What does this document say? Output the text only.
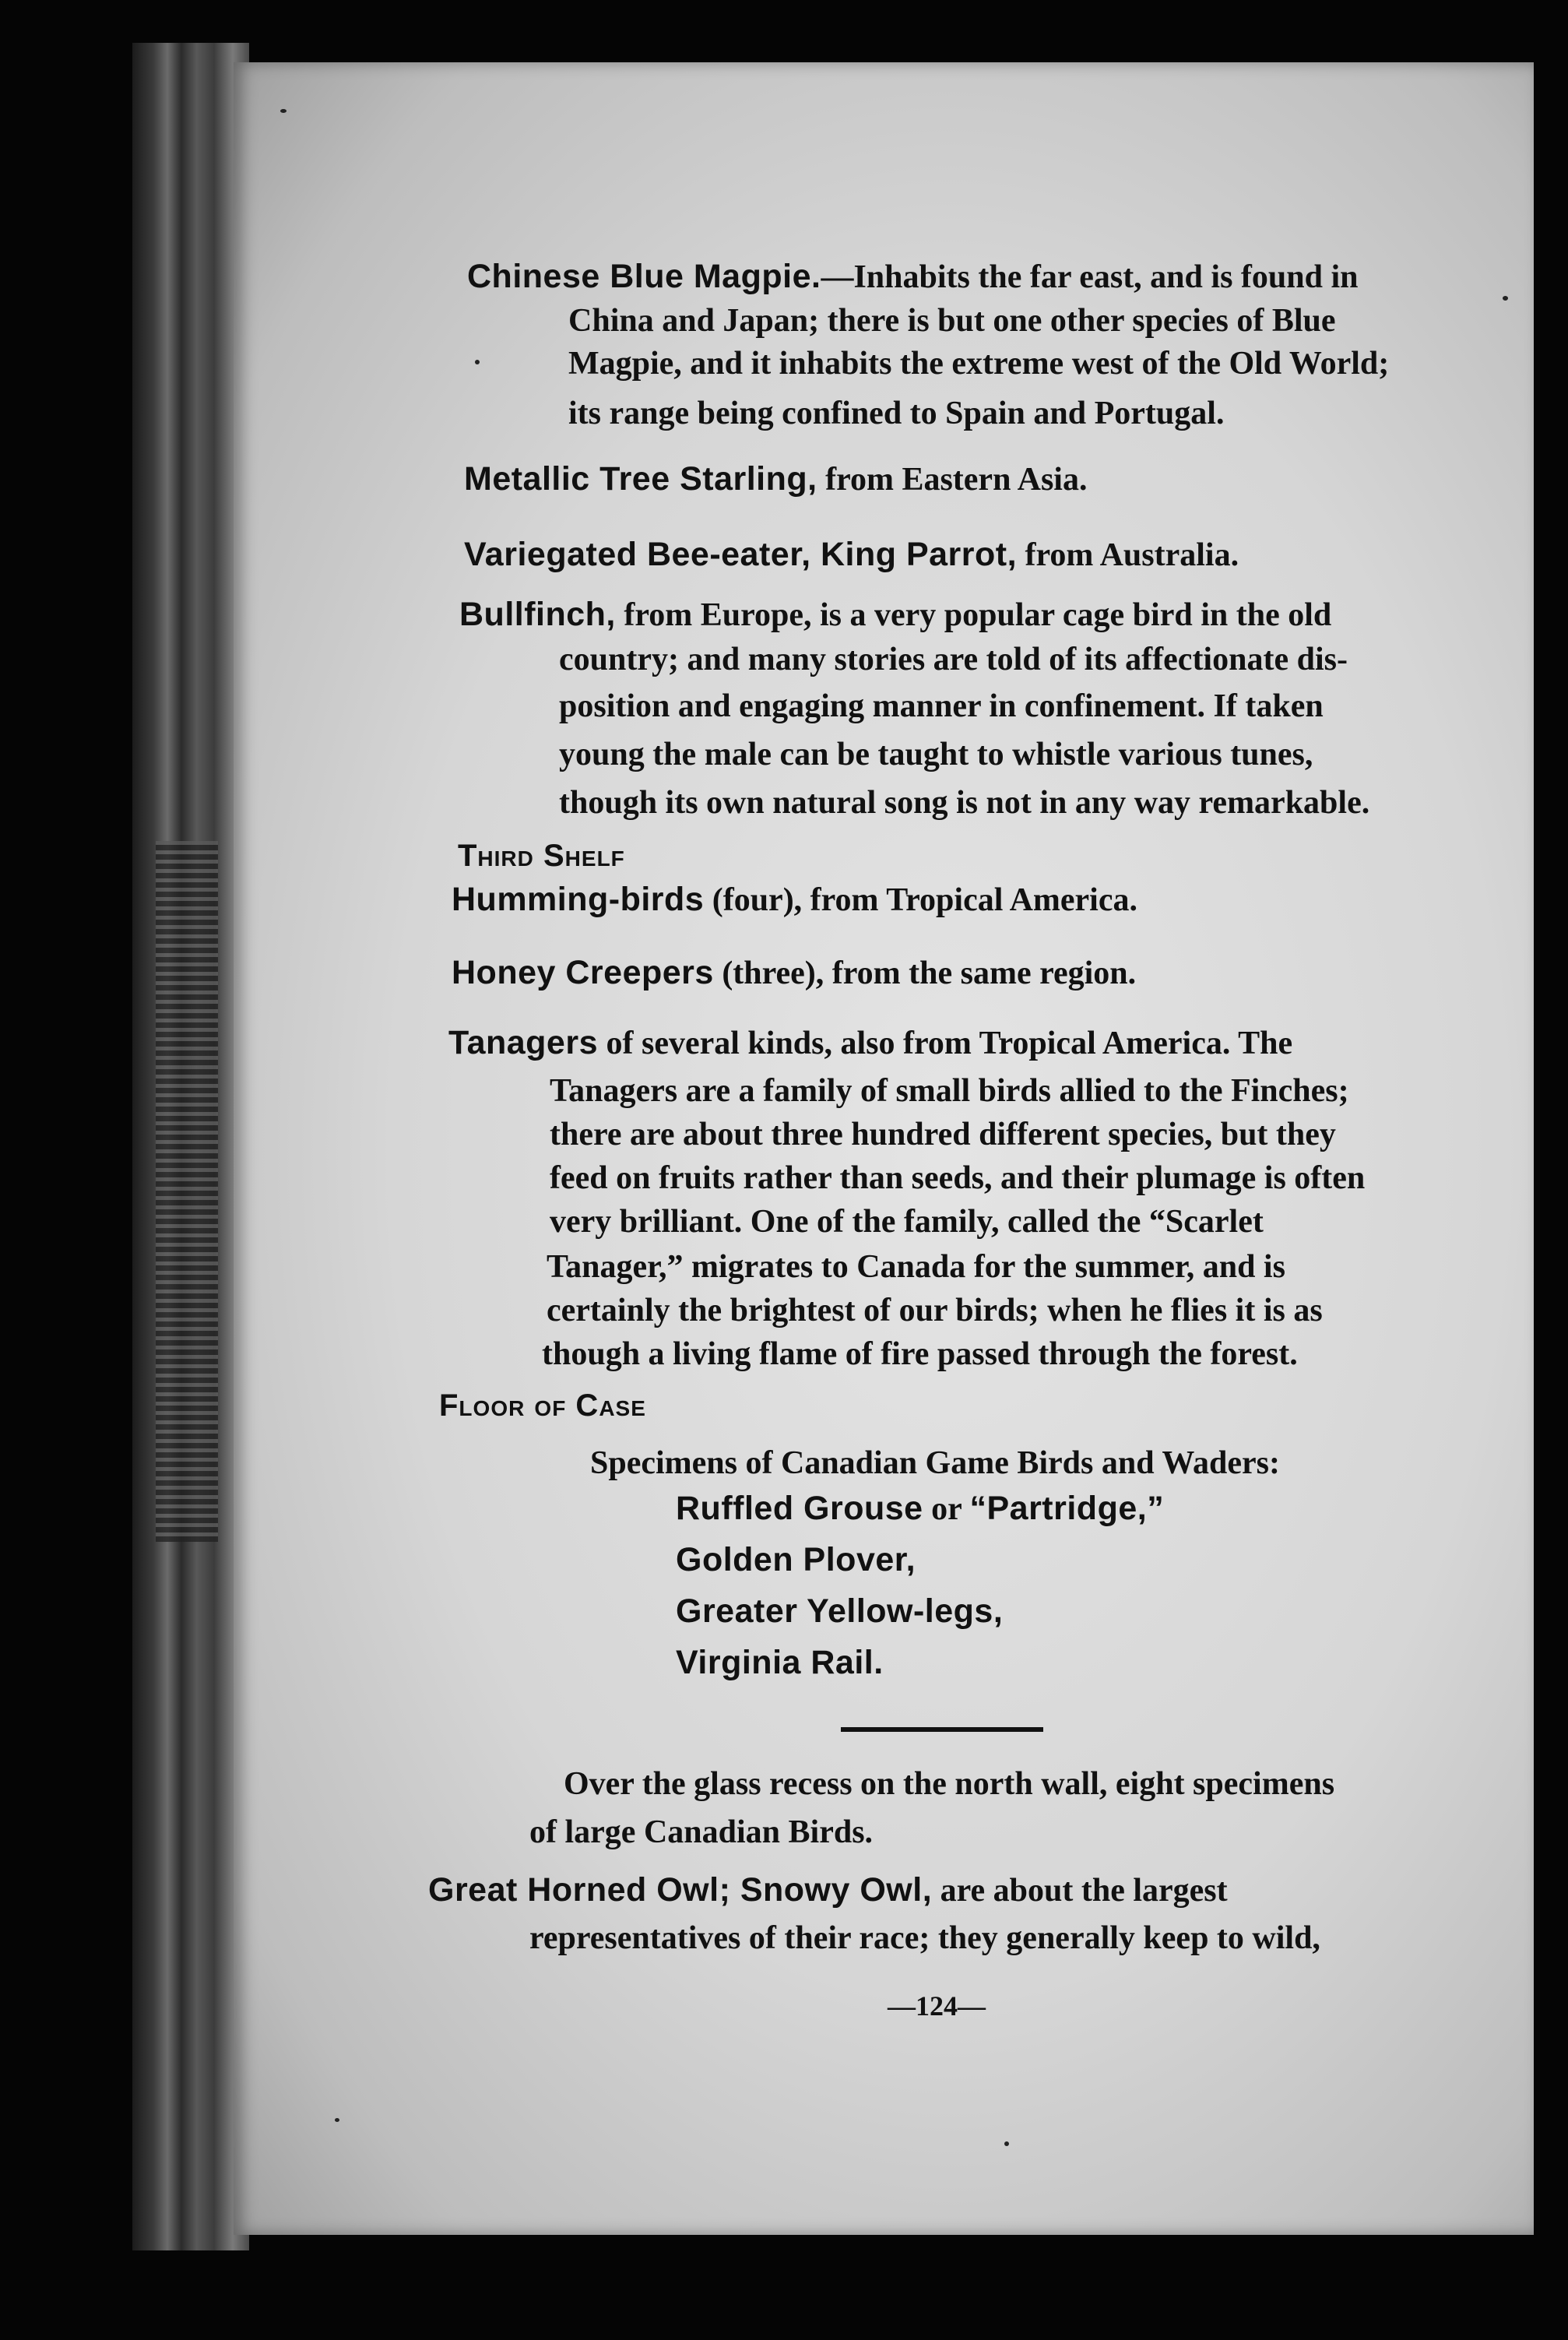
Chinese Blue Magpie.—Inhabits the far east, and is found in
China and Japan; there is but one other species of Blue
Magpie, and it inhabits the extreme west of the Old World;
its range being confined to Spain and Portugal.
Metallic Tree Starling, from Eastern Asia.
Variegated Bee-eater, King Parrot, from Australia.
Bullfinch, from Europe, is a very popular cage bird in the old
country; and many stories are told of its affectionate dis-
position and engaging manner in confinement. If taken
young the male can be taught to whistle various tunes,
though its own natural song is not in any way remarkable.
Third Shelf
Humming-birds (four), from Tropical America.
Honey Creepers (three), from the same region.
Tanagers of several kinds, also from Tropical America. The
Tanagers are a family of small birds allied to the Finches;
there are about three hundred different species, but they
feed on fruits rather than seeds, and their plumage is often
very brilliant. One of the family, called the “Scarlet
Tanager,” migrates to Canada for the summer, and is
certainly the brightest of our birds; when he flies it is as
though a living flame of fire passed through the forest.
Floor of Case
Specimens of Canadian Game Birds and Waders:
Ruffled Grouse or “Partridge,”
Golden Plover,
Greater Yellow-legs,
Virginia Rail.
Over the glass recess on the north wall, eight specimens
of large Canadian Birds.
Great Horned Owl; Snowy Owl, are about the largest
representatives of their race; they generally keep to wild,
—124—
